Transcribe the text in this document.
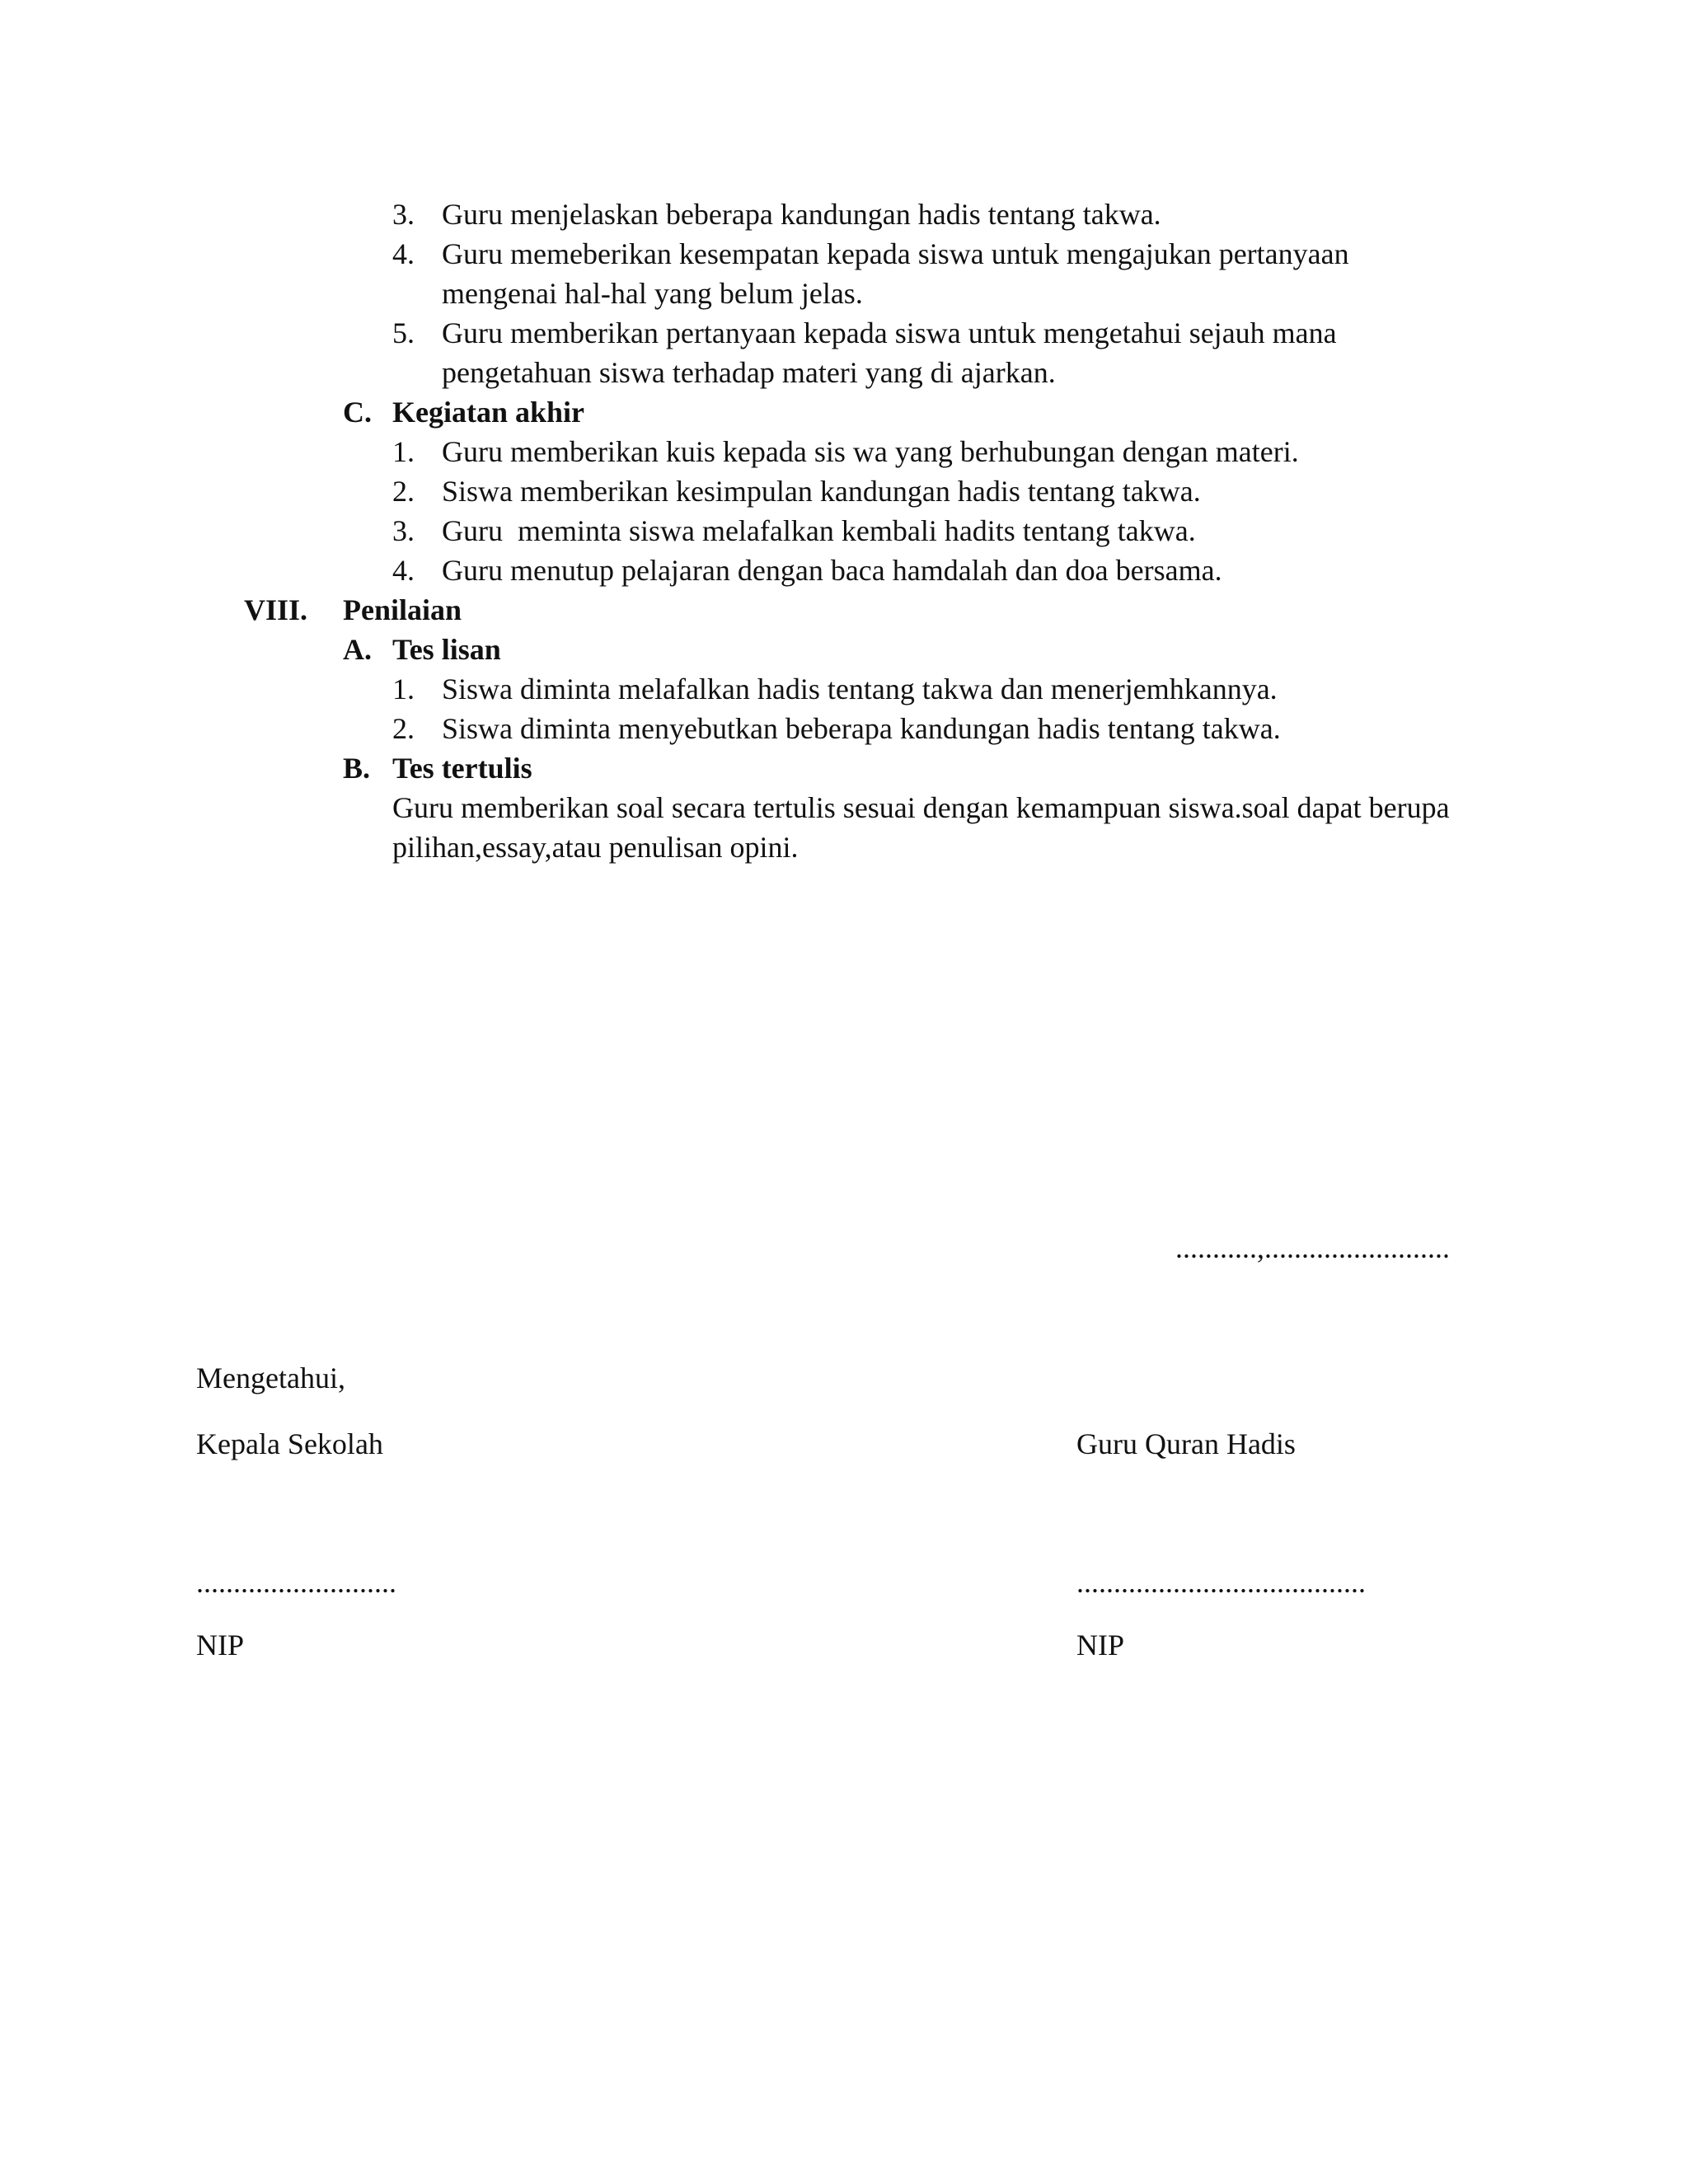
3. Guru menjelaskan beberapa kandungan hadis tentang takwa.
4. Guru memeberikan kesempatan kepada siswa untuk mengajukan pertanyaan
mengenai hal-hal yang belum jelas.
5. Guru memberikan pertanyaan kepada siswa untuk mengetahui sejauh mana
pengetahuan siswa terhadap materi yang di ajarkan.
C. Kegiatan akhir
1. Guru memberikan kuis kepada sis wa yang berhubungan dengan materi.
2. Siswa memberikan kesimpulan kandungan hadis tentang takwa.
3. Guru  meminta siswa melafalkan kembali hadits tentang takwa.
4. Guru menutup pelajaran dengan baca hamdalah dan doa bersama.
VIII. Penilaian
A. Tes lisan
1. Siswa diminta melafalkan hadis tentang takwa dan menerjemhkannya.
2. Siswa diminta menyebutkan beberapa kandungan hadis tentang takwa.
B. Tes tertulis
Guru memberikan soal secara tertulis sesuai dengan kemampuan siswa.soal dapat berupa
pilihan,essay,atau penulisan opini.
...........,.........................
Mengetahui,
Kepala Sekolah	Guru Quran Hadis
...........................	.......................................
NIP	NIP
